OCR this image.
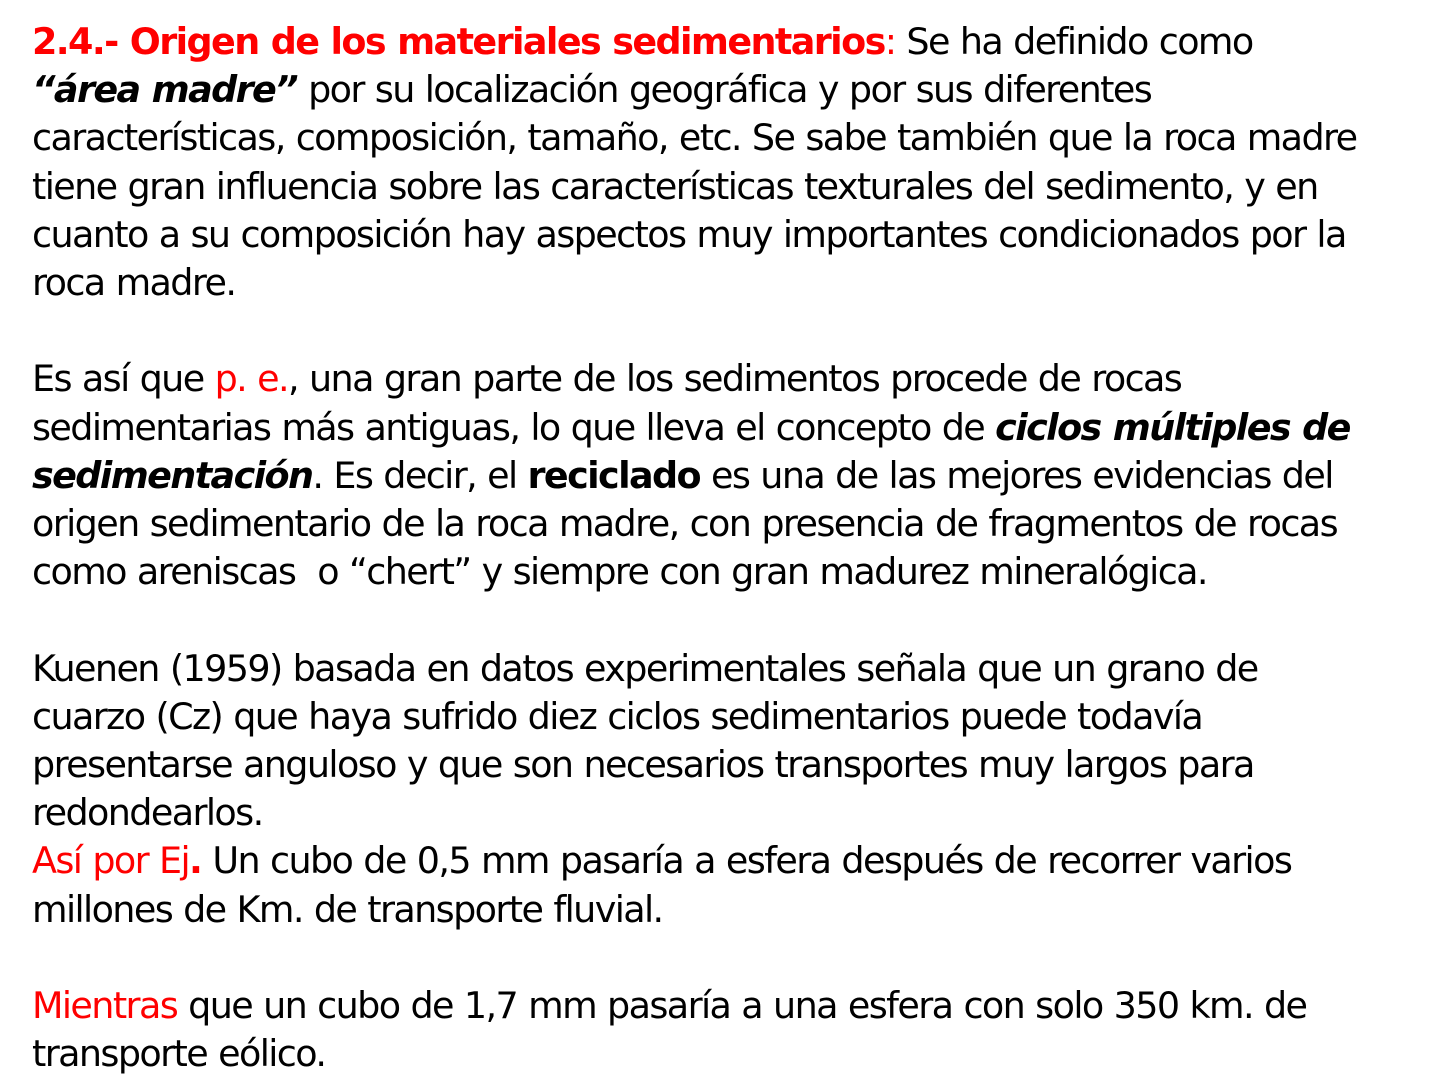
2.4.- Origen de los materiales sedimentarios: Se ha definido como
“área madre” por su localización geográfica y por sus diferentes
características, composición, tamaño, etc. Se sabe también que la roca madre
tiene gran influencia sobre las características texturales del sedimento, y en
cuanto a su composición hay aspectos muy importantes condicionados por la
roca madre.

Es así que p. e., una gran parte de los sedimentos procede de rocas
sedimentarias más antiguas, lo que lleva el concepto de ciclos múltiples de
sedimentación. Es decir, el reciclado es una de las mejores evidencias del
origen sedimentario de la roca madre, con presencia de fragmentos de rocas
como areniscas  o “chert” y siempre con gran madurez mineralógica.

Kuenen (1959) basada en datos experimentales señala que un grano de
cuarzo (Cz) que haya sufrido diez ciclos sedimentarios puede todavía
presentarse anguloso y que son necesarios transportes muy largos para
redondearlos.
Así por Ej. Un cubo de 0,5 mm pasaría a esfera después de recorrer varios
millones de Km. de transporte fluvial.

Mientras que un cubo de 1,7 mm pasaría a una esfera con solo 350 km. de
transporte eólico.
